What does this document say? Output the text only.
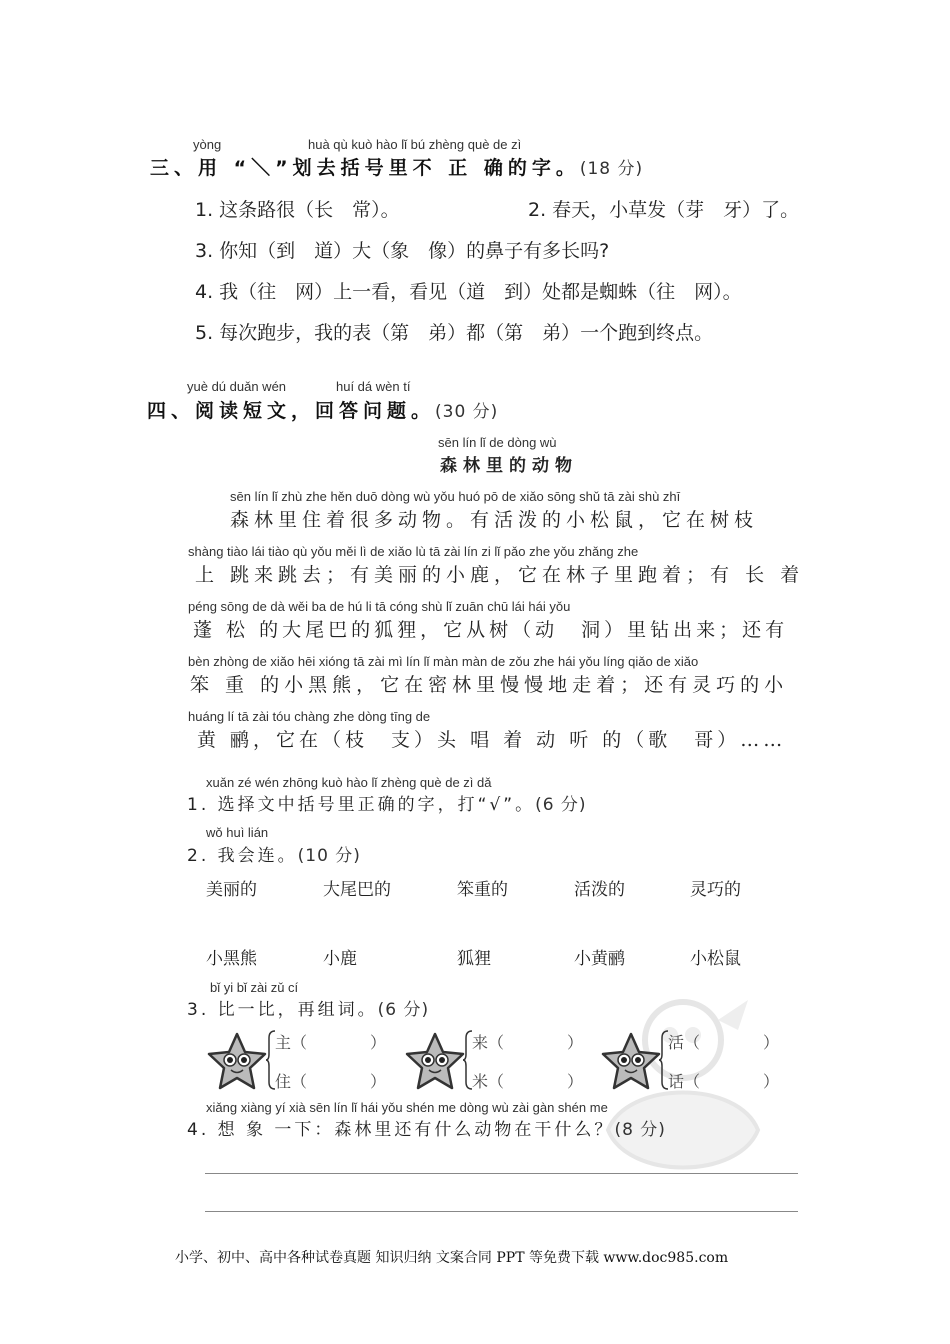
yòng	huà qù kuò hào lǐ bú zhèng què de zì
三、用 “＼”划去括号里不 正 确的字。(18 分)
1. 这条路很（长　常）。	2. 春天，小草发（芽　牙）了。
3. 你知（到　道）大（象　像）的鼻子有多长吗?
4. 我（往　网）上一看，看见（道　到）处都是蜘蛛（往　网）。
5. 每次跑步，我的表（第　弟）都（第　弟）一个跑到终点。
yuè dú duǎn wén	huí dá wèn tí
四、阅读短文，回答问题。(30 分)
sēn lín lǐ de dòng wù
森林里的动物
sēn lín lǐ zhù zhe hěn duō dòng wù yǒu huó pō de xiǎo sōng shǔ tā zài shù zhī
森林里住着很多动物。有活泼的小松鼠，它在树枝
shàng tiào lái tiào qù yǒu měi lì de xiǎo lù tā zài lín zi lǐ pǎo zhe yǒu zhǎng zhe
上 跳来跳去；有美丽的小鹿，它在林子里跑着；有 长 着
péng sōng de dà wěi ba de hú li tā cóng shù lǐ zuān chū lái hái yǒu
蓬 松 的大尾巴的狐狸，它从树（动　洞）里钻出来；还有
bèn zhòng de xiǎo hēi xióng tā zài mì lín lǐ màn màn de zǒu zhe hái yǒu líng qiǎo de xiǎo
笨 重 的小黑熊，它在密林里慢慢地走着；还有灵巧的小
huáng lí tā zài tóu chàng zhe dòng tīng de
黄 鹂，它在（枝　支）头 唱 着 动 听 的（歌　哥）……
xuǎn zé wén zhōng kuò hào lǐ zhèng què de zì dǎ
1. 选择文中括号里正确的字，打“√”。(6 分)
wǒ huì lián
2. 我会连。(10 分)
美丽的	大尾巴的	笨重的	活泼的	灵巧的
小黑熊	小鹿	狐狸	小黄鹂	小松鼠
bǐ yi bǐ zài zǔ cí
3. 比一比，再组词。(6 分)
主（	）
住（	）
来（	）
米（	）
活（	）
话（	）
xiǎng xiàng yí xià sēn lín lǐ hái yǒu shén me dòng wù zài gàn shén me
4. 想 象 一下：森林里还有什么动物在干什么？(8 分)
小学、初中、高中各种试卷真题 知识归纳 文案合同 PPT 等免费下载 www.doc985.com
